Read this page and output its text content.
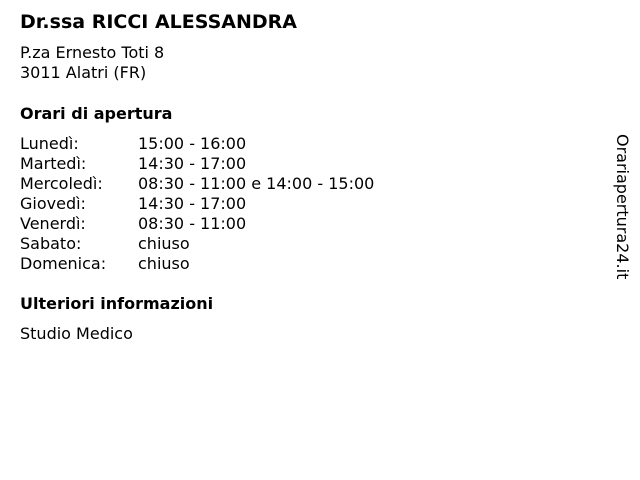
Dr.ssa RICCI ALESSANDRA
P.za Ernesto Toti 8
3011 Alatri (FR)
Orari di apertura
Lunedì:	15:00 - 16:00
Martedì:	14:30 - 17:00
Mercoledì:	08:30 - 11:00 e 14:00 - 15:00
Giovedì:	14:30 - 17:00
Venerdì:	08:30 - 11:00
Sabato:	chiuso
Domenica:	chiuso
Ulteriori informazioni
Studio Medico
Orariapertura24.it
